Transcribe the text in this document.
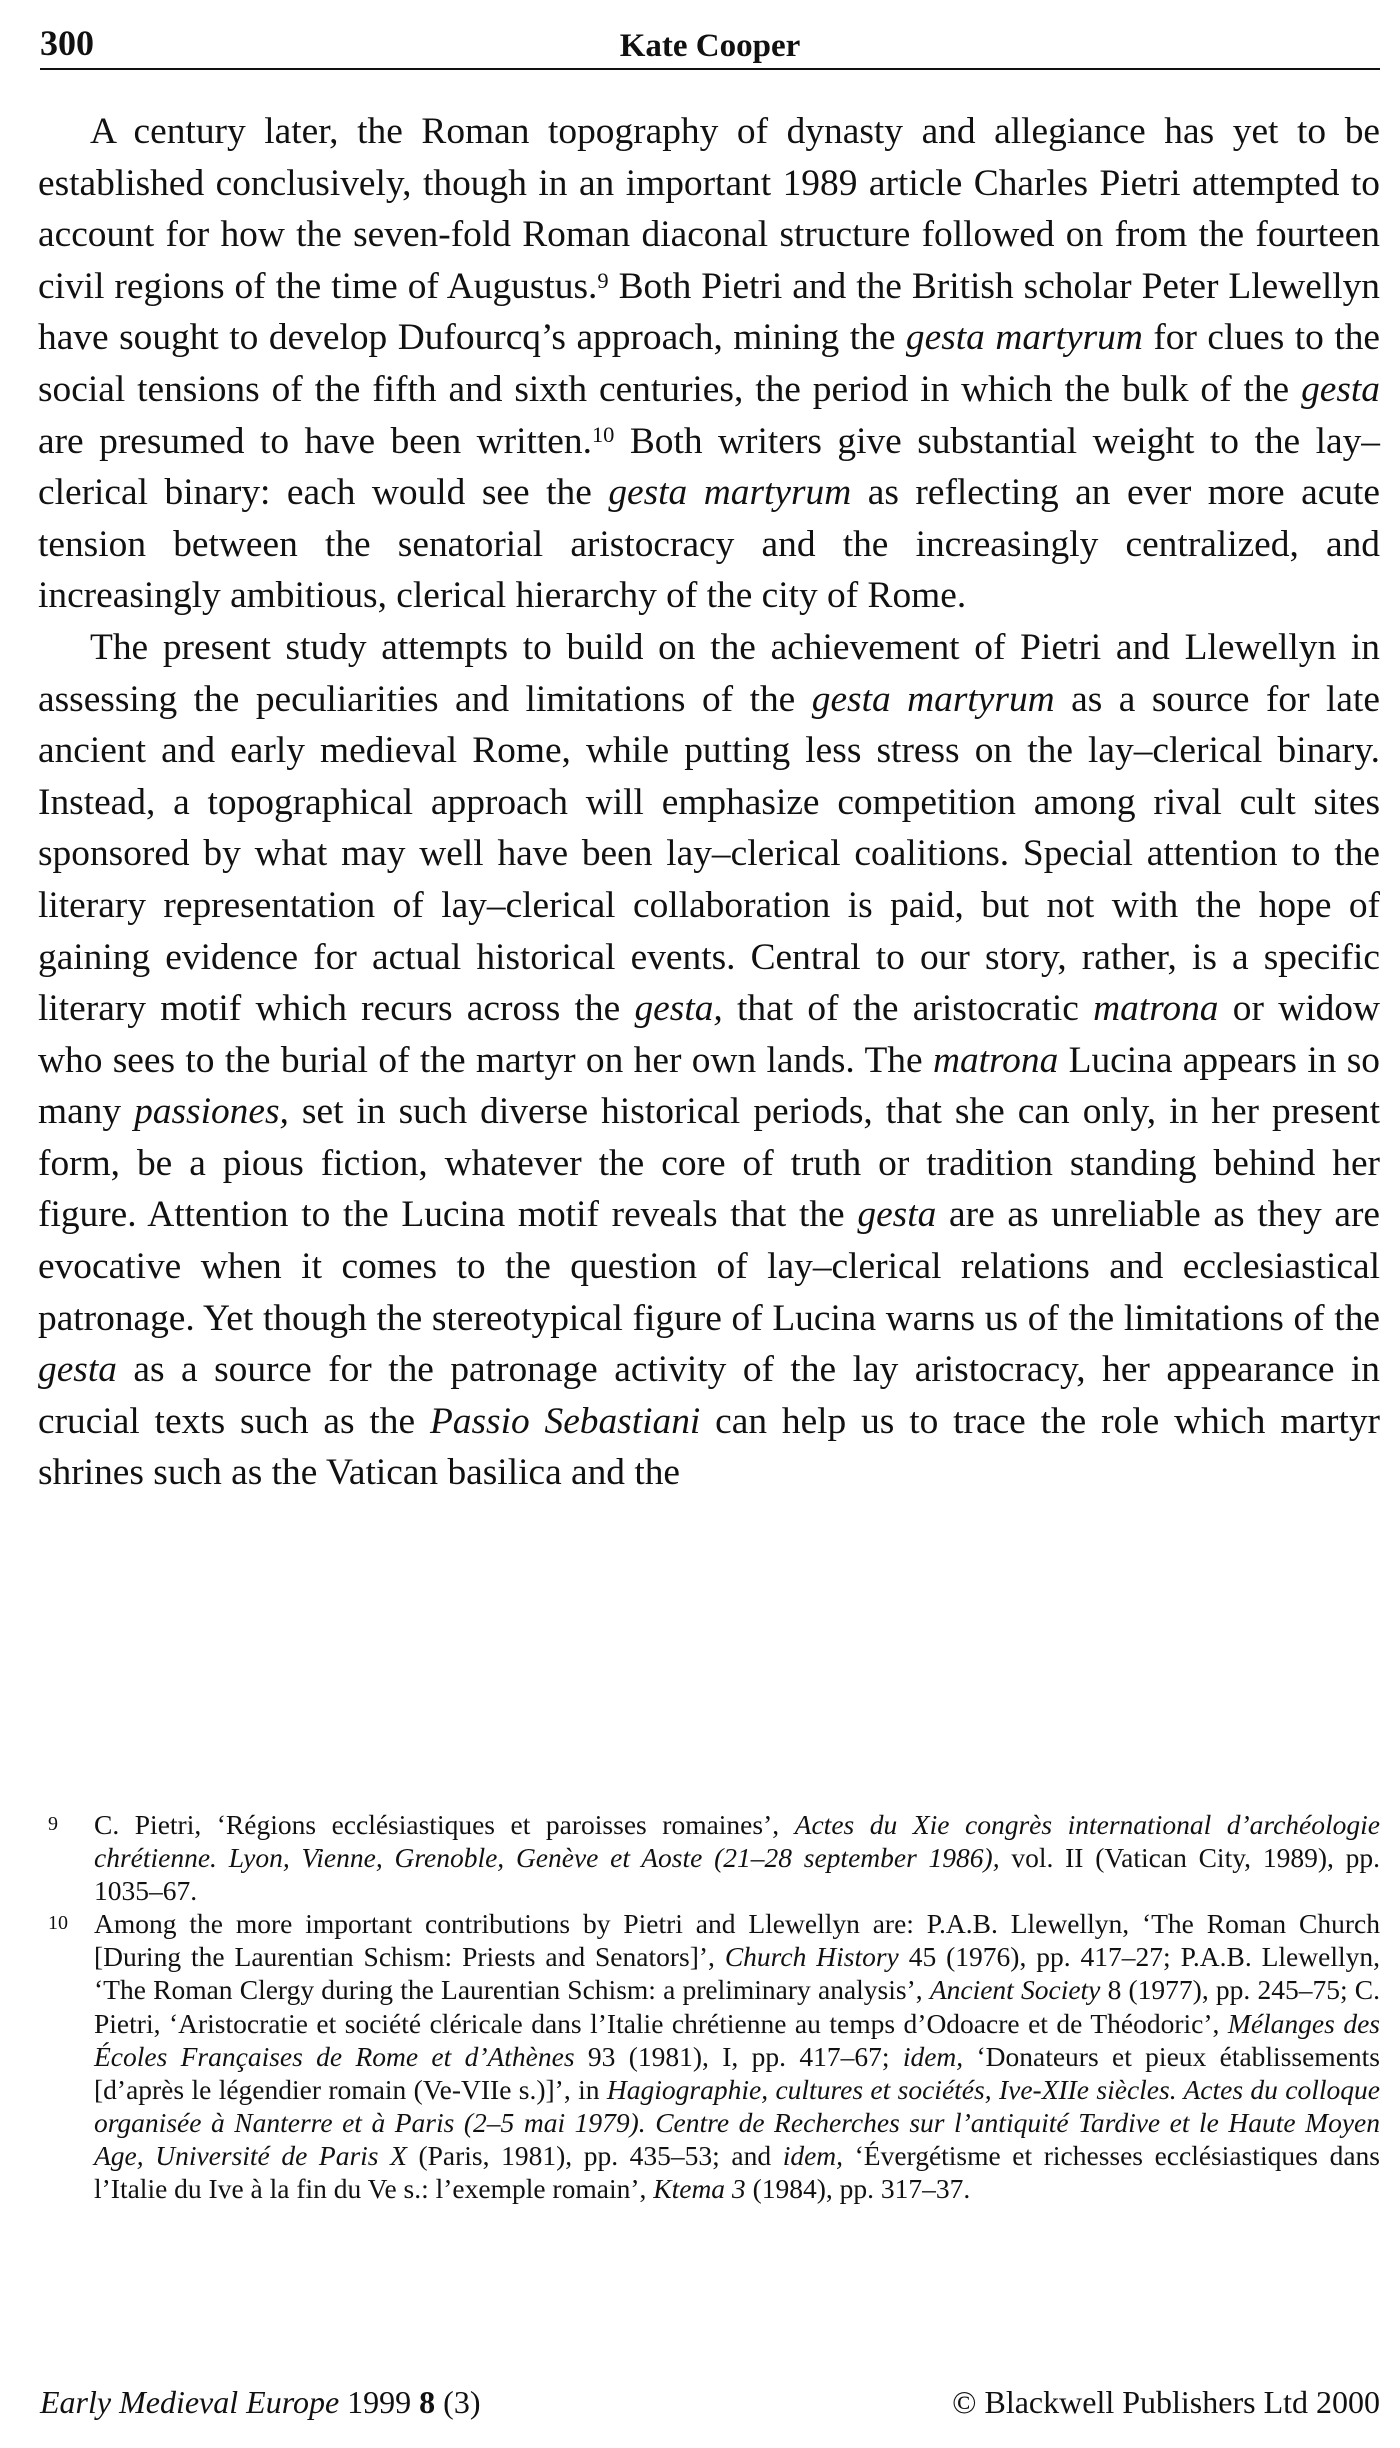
300	Kate Cooper

A century later, the Roman topography of dynasty and allegiance has yet to be established conclusively, though in an important 1989 article Charles Pietri attempted to account for how the seven-fold Roman diaconal structure followed on from the fourteen civil regions of the time of Augustus.$^9$ Both Pietri and the British scholar Peter Llewellyn have sought to develop Dufourcq’s approach, mining the gesta martyrum for clues to the social tensions of the fifth and sixth centuries, the period in which the bulk of the gesta are presumed to have been written.$^{10}$ Both writers give substantial weight to the lay–clerical binary: each would see the gesta martyrum as reflecting an ever more acute tension between the senatorial aristocracy and the increasingly centralized, and increasingly ambitious, clerical hierarchy of the city of Rome.

The present study attempts to build on the achievement of Pietri and Llewellyn in assessing the peculiarities and limitations of the gesta martyrum as a source for late ancient and early medieval Rome, while putting less stress on the lay–clerical binary. Instead, a topographical approach will emphasize competition among rival cult sites sponsored by what may well have been lay–clerical coalitions. Special attention to the literary representation of lay–clerical collaboration is paid, but not with the hope of gaining evidence for actual historical events. Central to our story, rather, is a specific literary motif which recurs across the gesta, that of the aristocratic matrona or widow who sees to the burial of the martyr on her own lands. The matrona Lucina appears in so many passiones, set in such diverse historical periods, that she can only, in her present form, be a pious fiction, whatever the core of truth or tradition standing behind her figure. Attention to the Lucina motif reveals that the gesta are as unreliable as they are evocative when it comes to the question of lay–clerical relations and ecclesiastical patronage. Yet though the stereotypical figure of Lucina warns us of the limitations of the gesta as a source for the patronage activity of the lay aristocracy, her appearance in crucial texts such as the Passio Sebastiani can help us to trace the role which martyr shrines such as the Vatican basilica and the

9 C. Pietri, ‘Régions ecclésiastiques et paroisses romaines’, Actes du Xie congrès international d’archéologie chrétienne. Lyon, Vienne, Grenoble, Genève et Aoste (21–28 september 1986), vol. II (Vatican City, 1989), pp. 1035–67.
10 Among the more important contributions by Pietri and Llewellyn are: P.A.B. Llewellyn, ‘The Roman Church [During the Laurentian Schism: Priests and Senators]’, Church History 45 (1976), pp. 417–27; P.A.B. Llewellyn, ‘The Roman Clergy during the Laurentian Schism: a preliminary analysis’, Ancient Society 8 (1977), pp. 245–75; C. Pietri, ‘Aristocratie et société cléricale dans l’Italie chrétienne au temps d’Odoacre et de Théodoric’, Mélanges des Écoles Françaises de Rome et d’Athènes 93 (1981), I, pp. 417–67; idem, ‘Donateurs et pieux établissements [d’après le légendier romain (Ve-VIIe s.)]’, in Hagiographie, cultures et sociétés, Ive-XIIe siècles. Actes du colloque organisée à Nanterre et à Paris (2–5 mai 1979). Centre de Recherches sur l’antiquité Tardive et le Haute Moyen Age, Université de Paris X (Paris, 1981), pp. 435–53; and idem, ‘Évergétisme et richesses ecclésiastiques dans l’Italie du Ive à la fin du Ve s.: l’exemple romain’, Ktema 3 (1984), pp. 317–37.
Early Medieval Europe 1999 8 (3)	© Blackwell Publishers Ltd 2000
